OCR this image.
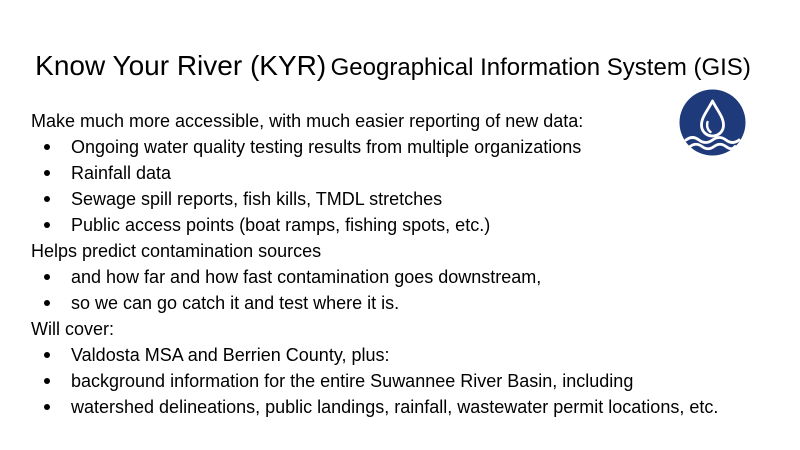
Know Your River (KYR) Geographical Information System (GIS)
Make much more accessible, with much easier reporting of new data:
Ongoing water quality testing results from multiple organizations
Rainfall data
Sewage spill reports, fish kills, TMDL stretches
Public access points (boat ramps, fishing spots, etc.)
Helps predict contamination sources
and how far and how fast contamination goes downstream,
so we can go catch it and test where it is.
Will cover:
Valdosta MSA and Berrien County, plus:
background information for the entire Suwannee River Basin, including
watershed delineations, public landings, rainfall, wastewater permit locations, etc.
